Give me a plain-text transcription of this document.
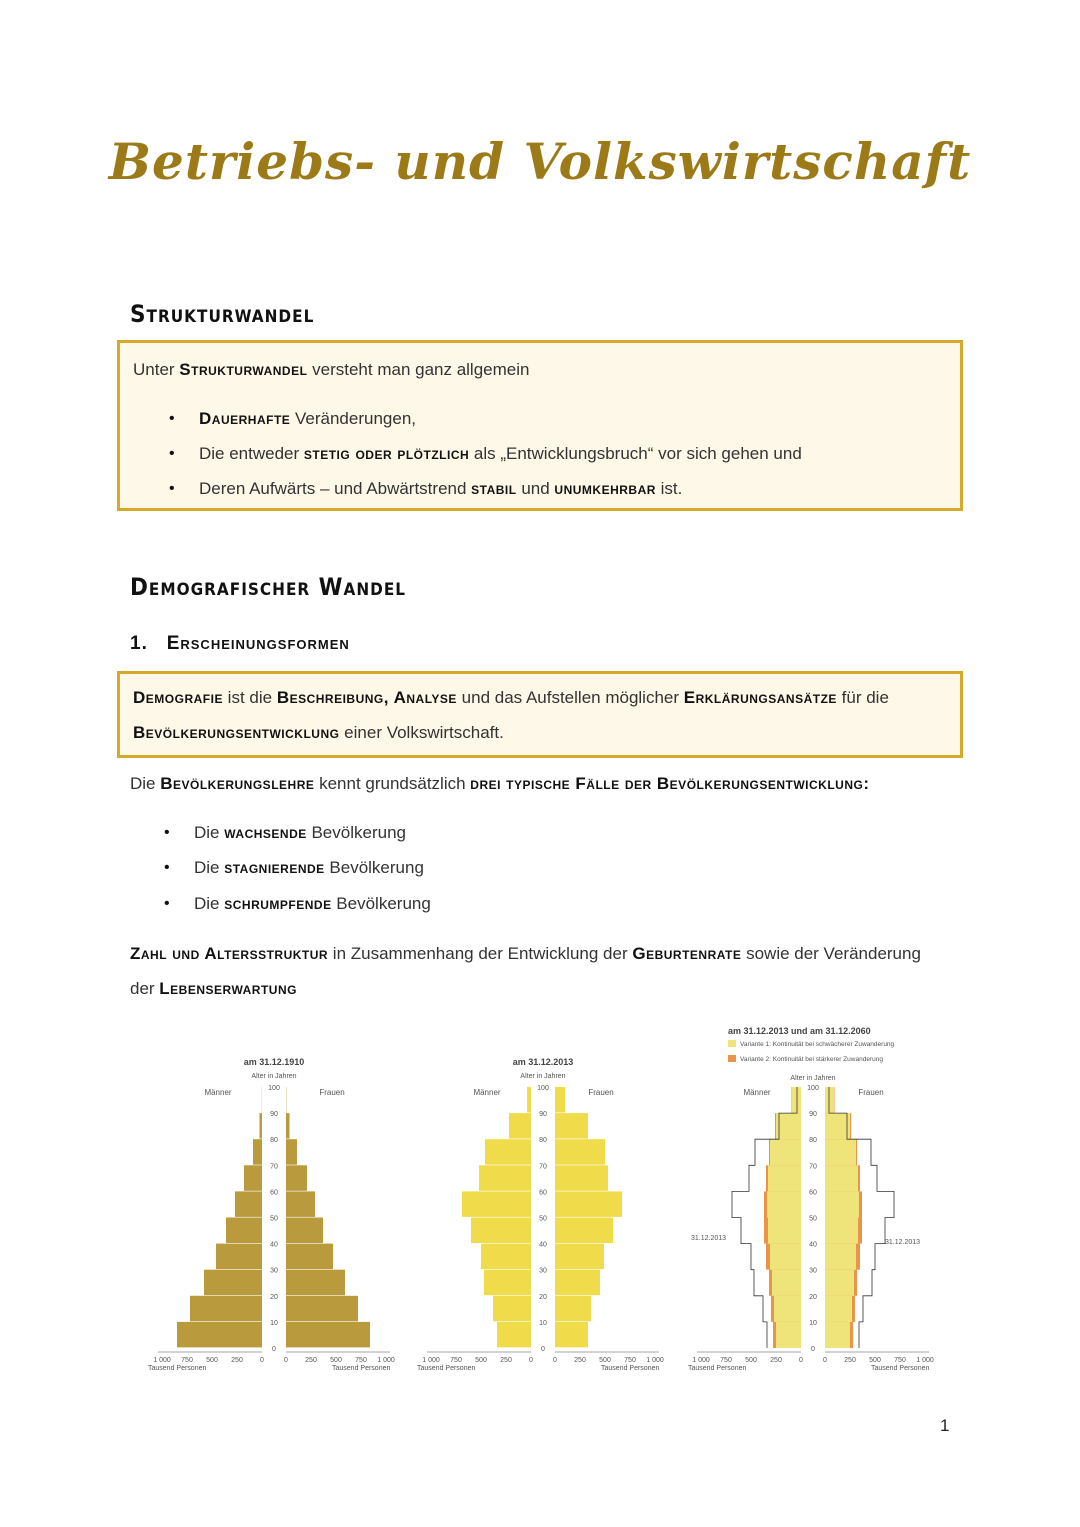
Betriebs- und Volkswirtschaft
Strukturwandel
Unter Strukturwandel versteht man ganz allgemein
• Dauerhafte Veränderungen,
• Die entweder stetig oder plötzlich als „Entwicklungsbruch“ vor sich gehen und
• Deren Aufwärts – und Abwärtstrend stabil und unumkehrbar ist.
Demografischer Wandel
1. Erscheinungsformen
Demografie ist die Beschreibung, Analyse und das Aufstellen möglicher Erklärungsansätze für die
Bevölkerungsentwicklung einer Volkswirtschaft.
Die Bevölkerungslehre kennt grundsätzlich drei typische Fälle der Bevölkerungsentwicklung:
• Die wachsende Bevölkerung
• Die stagnierende Bevölkerung
• Die schrumpfende Bevölkerung
Zahl und Altersstruktur in Zusammenhang der Entwicklung der Geburtenrate sowie der Veränderung
der Lebenserwartung
am 31.12.1910
Alter in Jahren
Männer	Frauen
0
10
20
30
40
50
60
70
80
90
100
1 000	1 000
750	750
500	500
250	250
0	0
Tausend Personen	Tausend Personen
am 31.12.2013
Alter in Jahren
Männer	Frauen
0
10
20
30
40
50
60
70
80
90
100
1 000	1 000
750	750
500	500
250	250
0	0
Tausend Personen	Tausend Personen
am 31.12.2013 und am 31.12.2060
Variante 1: Kontinuität bei schwächerer Zuwanderung
Variante 2: Kontinuität bei stärkerer Zuwanderung
Alter in Jahren
Männer	Frauen
0
10
20
30
40
50
60
70
80
90
100
1 000	1 000
750	750
500	500
250	250
0	0
31.12.2013
31.12.2013
Tausend Personen	Tausend Personen
1
